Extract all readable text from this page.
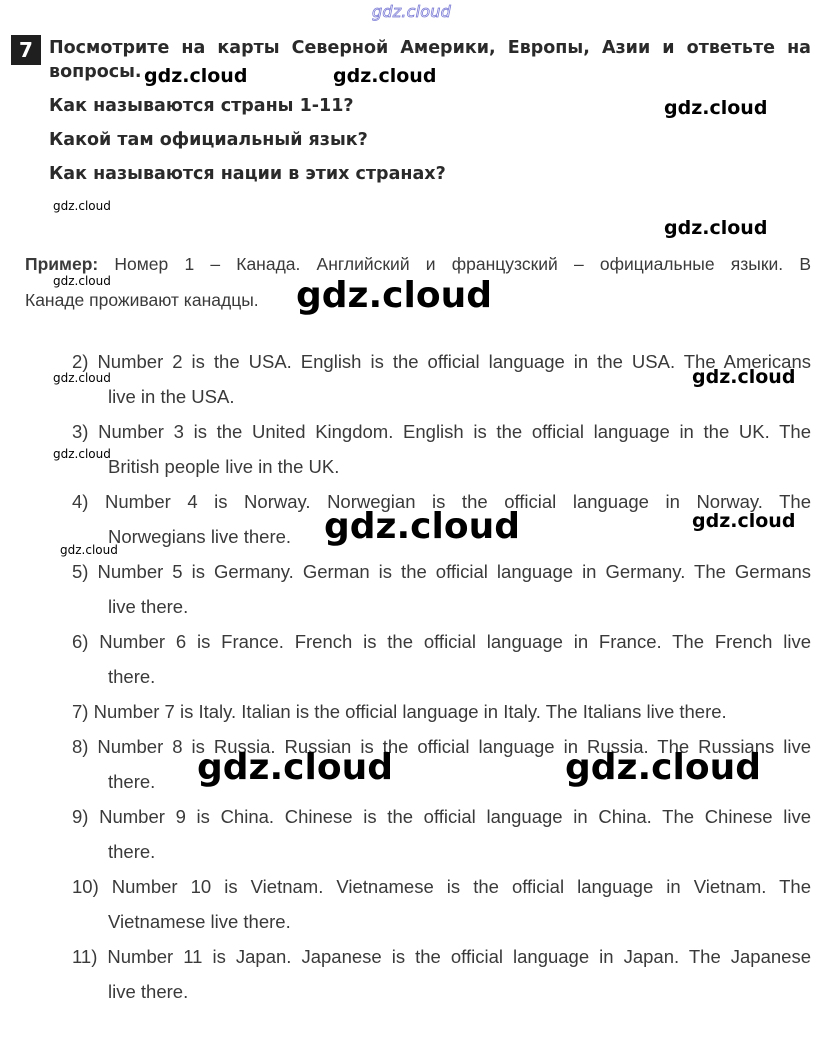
gdz.cloud
7 Посмотрите на карты Северной Америки, Европы, Азии и ответьте на
вопросы.
Как называются страны 1-11?
Какой там официальный язык?
Как называются нации в этих странах?
Пример: Номер 1 – Канада. Английский и французский – официальные языки. В
Канаде проживают канадцы.
2) Number 2 is the USA. English is the official language in the USA. The Americans
live in the USA.
3) Number 3 is the United Kingdom. English is the official language in the UK. The
British people live in the UK.
4) Number 4 is Norway. Norwegian is the official language in Norway. The
Norwegians live there.
5) Number 5 is Germany. German is the official language in Germany. The Germans
live there.
6) Number 6 is France. French is the official language in France. The French live
there.
7) Number 7 is Italy. Italian is the official language in Italy. The Italians live there.
8) Number 8 is Russia. Russian is the official language in Russia. The Russians live
there.
9) Number 9 is China. Chinese is the official language in China. The Chinese live
there.
10) Number 10 is Vietnam. Vietnamese is the official language in Vietnam. The
Vietnamese live there.
11) Number 11 is Japan. Japanese is the official language in Japan. The Japanese
live there.
gdz.cloud	gdz.cloud
gdz.cloud
gdz.cloud
gdz.cloud
gdz.cloud	gdz.cloud
gdz.cloud	gdz.cloud
gdz.cloud
gdz.cloud	gdz.cloud
gdz.cloud
gdz.cloud	gdz.cloud
